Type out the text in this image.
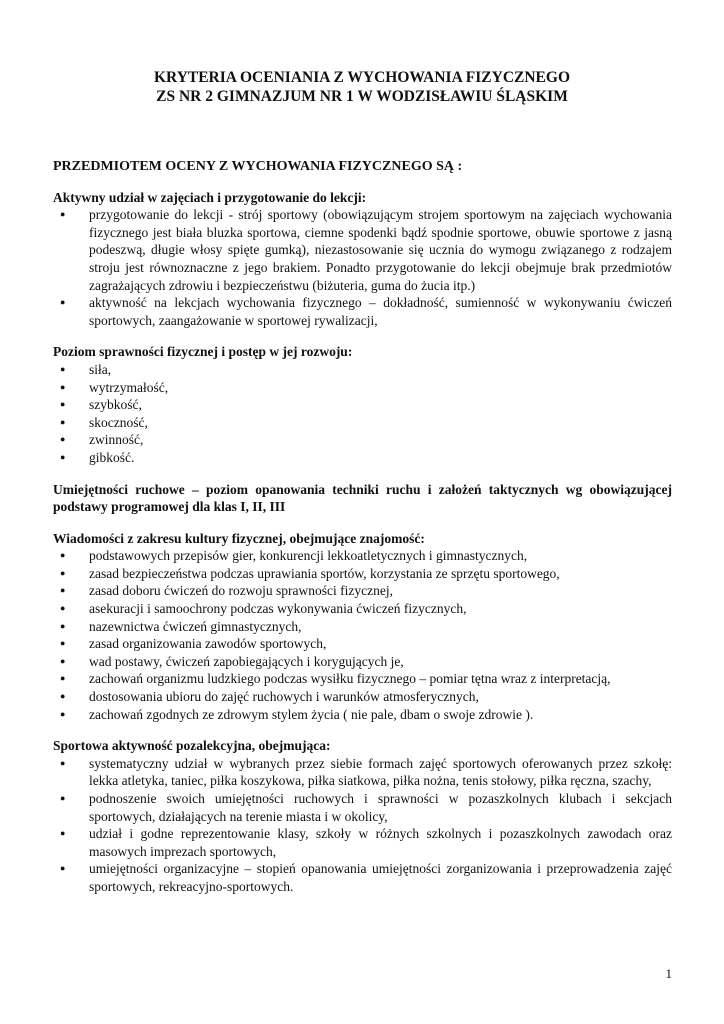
KRYTERIA OCENIANIA Z WYCHOWANIA FIZYCZNEGO
ZS NR 2 GIMNAZJUM NR 1 W WODZISŁAWIU ŚLĄSKIM
PRZEDMIOTEM OCENY Z WYCHOWANIA FIZYCZNEGO SĄ :

Aktywny udział w zajęciach i przygotowanie do lekcji:

● przygotowanie do lekcji - strój sportowy (obowiązującym strojem sportowym na zajęciach wychowania fizycznego jest biała bluzka sportowa, ciemne spodenki bądź spodnie sportowe, obuwie sportowe z jasną podeszwą, długie włosy spięte gumką), niezastosowanie się ucznia do wymogu związanego z rodzajem stroju jest równoznaczne z jego brakiem. Ponadto przygotowanie do lekcji obejmuje brak przedmiotów zagrażających zdrowiu i bezpieczeństwu (biżuteria, guma do żucia itp.)
● aktywność na lekcjach wychowania fizycznego – dokładność, sumienność w wykonywaniu ćwiczeń sportowych, zaangażowanie w sportowej rywalizacji,

Poziom sprawności fizycznej i postęp w jej rozwoju:

● siła,
● wytrzymałość,
● szybkość,
● skoczność,
● zwinność,
● gibkość.

Umiejętności ruchowe – poziom opanowania techniki ruchu i założeń taktycznych wg obowiązującej podstawy programowej dla klas I, II, III

Wiadomości z zakresu kultury fizycznej, obejmujące znajomość:

● podstawowych przepisów gier, konkurencji lekkoatletycznych i gimnastycznych,
● zasad bezpieczeństwa podczas uprawiania sportów, korzystania ze sprzętu sportowego,
● zasad doboru ćwiczeń do rozwoju sprawności fizycznej,
● asekuracji i samoochrony podczas wykonywania ćwiczeń fizycznych,
● nazewnictwa ćwiczeń gimnastycznych,
● zasad organizowania zawodów sportowych,
● wad postawy, ćwiczeń zapobiegających i korygujących je,
● zachowań organizmu ludzkiego podczas wysiłku fizycznego – pomiar tętna wraz z interpretacją,
● dostosowania ubioru do zajęć ruchowych i warunków atmosferycznych,
● zachowań zgodnych ze zdrowym stylem życia ( nie pale, dbam o swoje zdrowie ).

Sportowa aktywność pozalekcyjna, obejmująca:

● systematyczny udział w wybranych przez siebie formach zajęć sportowych oferowanych przez szkołę: lekka atletyka, taniec, piłka koszykowa, piłka siatkowa, piłka nożna, tenis stołowy, piłka ręczna, szachy,
● podnoszenie swoich umiejętności ruchowych i sprawności w pozaszkolnych klubach i sekcjach sportowych, działających na terenie miasta i w okolicy,
● udział i godne reprezentowanie klasy, szkoły w różnych szkolnych i pozaszkolnych zawodach oraz masowych imprezach sportowych,
● umiejętności organizacyjne – stopień opanowania umiejętności zorganizowania i przeprowadzenia zajęć sportowych, rekreacyjno-sportowych.
1
